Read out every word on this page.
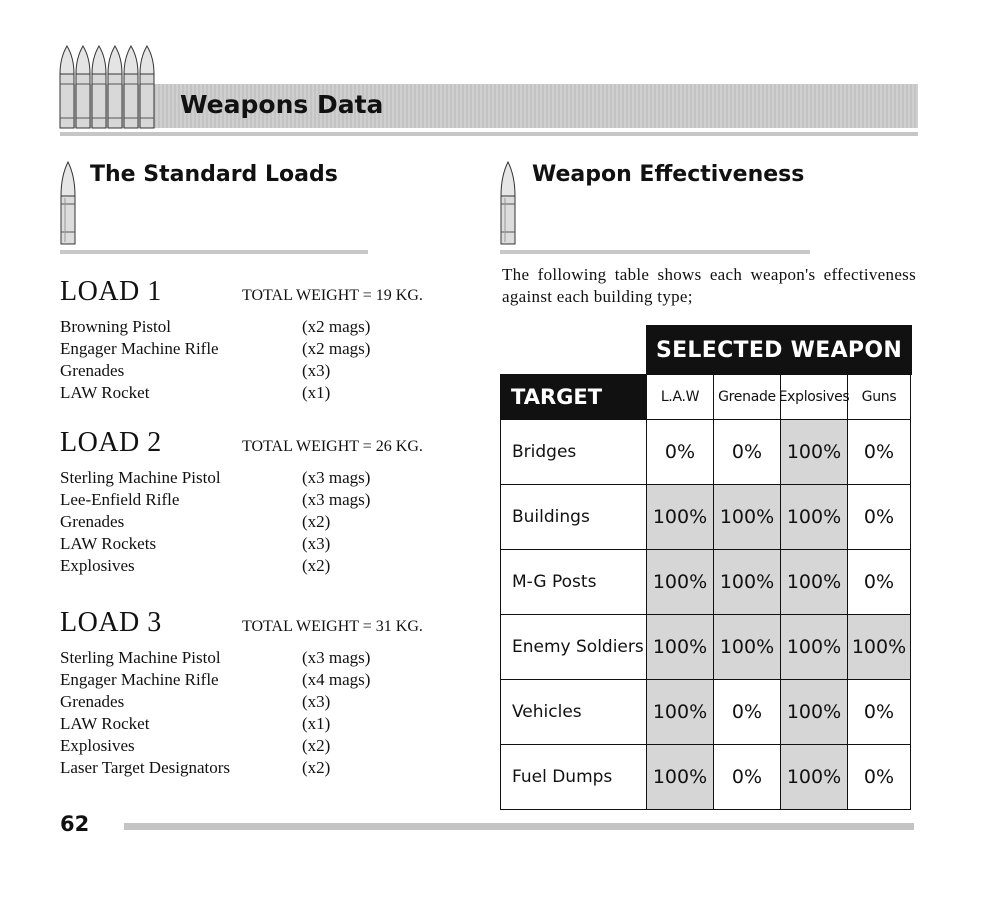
Weapons Data
The Standard Loads	Weapon Effectiveness
LOAD 1	TOTAL WEIGHT = 19 KG.
Browning Pistol	(x2 mags)
Engager Machine Rifle	(x2 mags)
Grenades	(x3)
LAW Rocket	(x1)
LOAD 2	TOTAL WEIGHT = 26 KG.
Sterling Machine Pistol	(x3 mags)
Lee-Enfield Rifle	(x3 mags)
Grenades	(x2)
LAW Rockets	(x3)
Explosives	(x2)
LOAD 3	TOTAL WEIGHT = 31 KG.
Sterling Machine Pistol	(x3 mags)
Engager Machine Rifle	(x4 mags)
Grenades	(x3)
LAW Rocket	(x1)
Explosives	(x2)
Laser Target Designators	(x2)
The following table shows each weapon's effectiveness against each building type;
SELECTED WEAPON
TARGET	L.A.W	Grenade Explosives Guns
Bridges	0%	0%	100%	0%
Buildings	100% 100% 100%	0%
M-G Posts	100% 100% 100%	0%
Enemy Soldiers 100% 100% 100% 100%
Vehicles	100%	0%	100%	0%
Fuel Dumps	100%	0%	100%	0%
62
